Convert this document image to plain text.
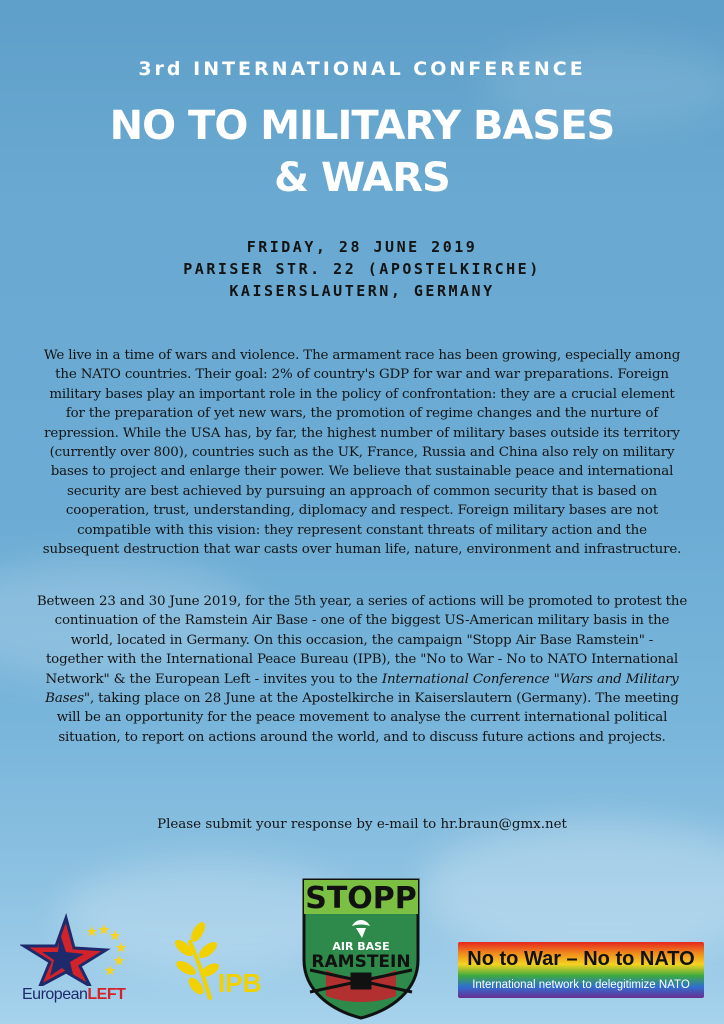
3rd INTERNATIONAL CONFERENCE
NO TO MILITARY BASES
& WARS
FRIDAY, 28 JUNE 2019
PARISER STR. 22 (APOSTELKIRCHE)
KAISERSLAUTERN, GERMANY
We live in a time of wars and violence. The armament race has been growing, especially among
the NATO countries. Their goal: 2% of country's GDP for war and war preparations. Foreign
military bases play an important role in the policy of confrontation: they are a crucial element
for the preparation of yet new wars, the promotion of regime changes and the nurture of
repression. While the USA has, by far, the highest number of military bases outside its territory
(currently over 800), countries such as the UK, France, Russia and China also rely on military
bases to project and enlarge their power. We believe that sustainable peace and international
security are best achieved by pursuing an approach of common security that is based on
cooperation, trust, understanding, diplomacy and respect. Foreign military bases are not
compatible with this vision: they represent constant threats of military action and the
subsequent destruction that war casts over human life, nature, environment and infrastructure.
Between 23 and 30 June 2019, for the 5th year, a series of actions will be promoted to protest the
continuation of the Ramstein Air Base - one of the biggest US-American military basis in the
world, located in Germany. On this occasion, the campaign "Stopp Air Base Ramstein" -
together with the International Peace Bureau (IPB), the "No to War - No to NATO International
Network" & the European Left - invites you to the International Conference "Wars and Military
Bases", taking place on 28 June at the Apostelkirche in Kaiserslautern (Germany). The meeting
will be an opportunity for the peace movement to analyse the current international political
situation, to report on actions around the world, and to discuss future actions and projects.
Please submit your response by e-mail to hr.braun@gmx.net
EuropeanLEFT	IPB
STOPP
AIR BASE
RAMSTEIN	No to War – No to NATO
International network to delegitimize NATO
